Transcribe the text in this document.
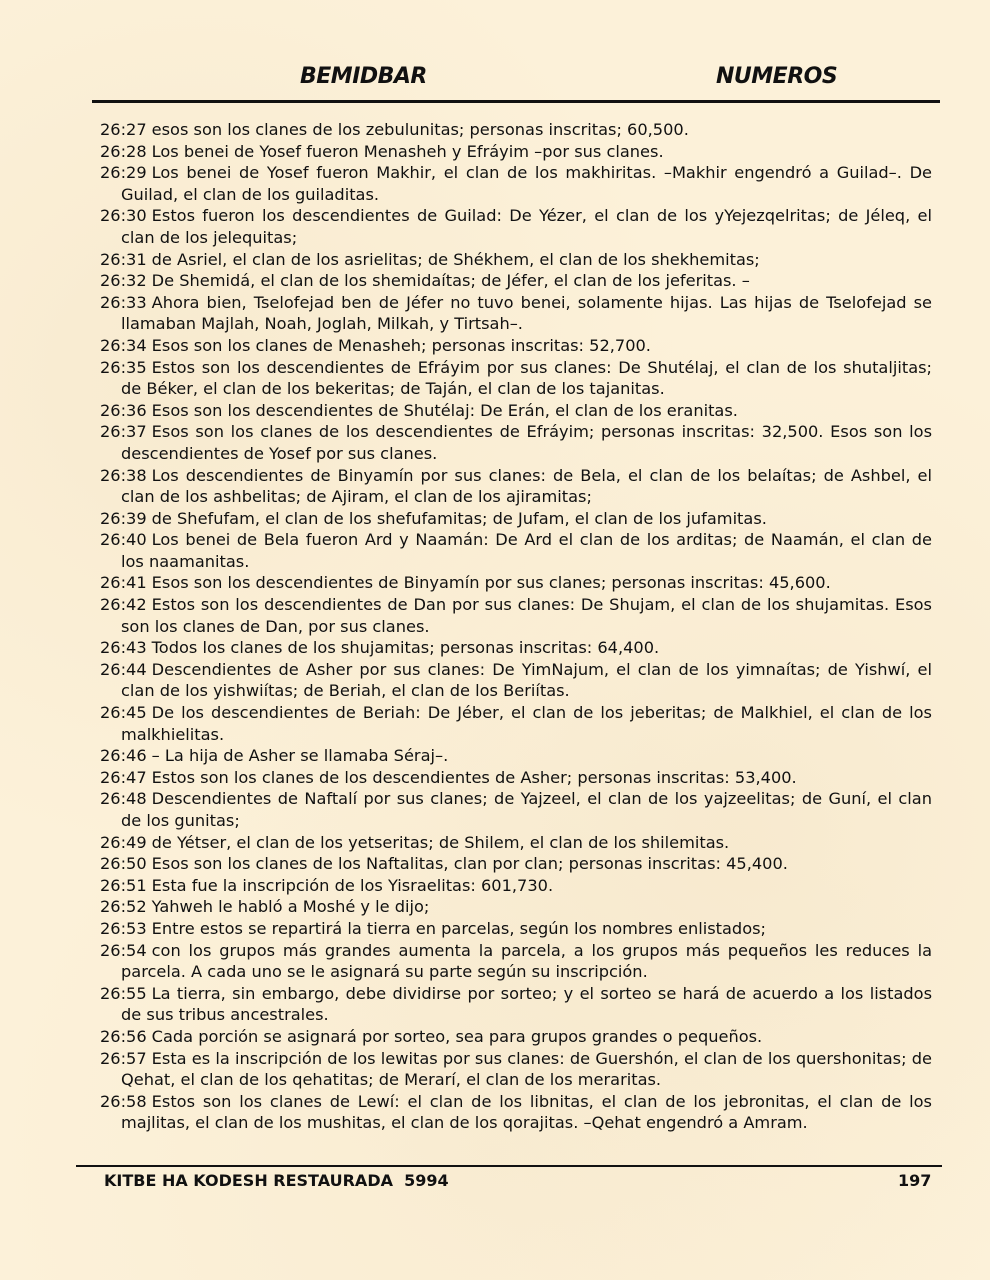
BEMIDBAR	NUMEROS
26:27 esos son los clanes de los zebulunitas; personas inscritas; 60,500.
26:28 Los benei de Yosef fueron Menasheh y Efráyim –por sus clanes.
26:29 Los benei de Yosef fueron Makhir, el clan de los makhiritas. –Makhir engendró a Guilad–. De Guilad, el clan de los guiladitas.
26:30 Estos fueron los descendientes de Guilad: De Yézer, el clan de los yYejezqelritas; de Jéleq, el clan de los jelequitas;
26:31 de Asriel, el clan de los asrielitas; de Shékhem, el clan de los shekhemitas;
26:32 De Shemidá, el clan de los shemidaítas; de Jéfer, el clan de los jeferitas. –
26:33 Ahora bien, Tselofejad ben de Jéfer no tuvo benei, solamente hijas. Las hijas de Tselofejad se llamaban Majlah, Noah, Joglah, Milkah, y Tirtsah–.
26:34 Esos son los clanes de Menasheh; personas inscritas: 52,700.
26:35 Estos son los descendientes de Efráyim por sus clanes: De Shutélaj, el clan de los shutaljitas; de Béker, el clan de los bekeritas; de Taján, el clan de los tajanitas.
26:36 Esos son los descendientes de Shutélaj: De Erán, el clan de los eranitas.
26:37 Esos son los clanes de los descendientes de Efráyim; personas inscritas: 32,500. Esos son los descendientes de Yosef por sus clanes.
26:38 Los descendientes de Binyamín por sus clanes: de Bela, el clan de los belaítas; de Ashbel, el clan de los ashbelitas; de Ajiram, el clan de los ajiramitas;
26:39 de Shefufam, el clan de los shefufamitas; de Jufam, el clan de los jufamitas.
26:40 Los benei de Bela fueron Ard y Naamán: De Ard el clan de los arditas; de Naamán, el clan de los naamanitas.
26:41 Esos son los descendientes de Binyamín por sus clanes; personas inscritas: 45,600.
26:42 Estos son los descendientes de Dan por sus clanes: De Shujam, el clan de los shujamitas. Esos son los clanes de Dan, por sus clanes.
26:43 Todos los clanes de los shujamitas; personas inscritas: 64,400.
26:44 Descendientes de Asher por sus clanes: De YimNajum, el clan de los yimnaítas; de Yishwí, el clan de los yishwiítas; de Beriah, el clan de los Beriítas.
26:45 De los descendientes de Beriah: De Jéber, el clan de los jeberitas; de Malkhiel, el clan de los malkhielitas.
26:46 – La hija de Asher se llamaba Séraj–.
26:47 Estos son los clanes de los descendientes de Asher; personas inscritas: 53,400.
26:48 Descendientes de Naftalí por sus clanes; de Yajzeel, el clan de los yajzeelitas; de Guní, el clan de los gunitas;
26:49 de Yétser, el clan de los yetseritas; de Shilem, el clan de los shilemitas.
26:50 Esos son los clanes de los Naftalitas, clan por clan; personas inscritas: 45,400.
26:51 Esta fue la inscripción de los Yisraelitas: 601,730.
26:52 Yahweh le habló a Moshé y le dijo;
26:53 Entre estos se repartirá la tierra en parcelas, según los nombres enlistados;
26:54 con los grupos más grandes aumenta la parcela, a los grupos más pequeños les reduces la parcela. A cada uno se le asignará su parte según su inscripción.
26:55 La tierra, sin embargo, debe dividirse por sorteo; y el sorteo se hará de acuerdo a los listados de sus tribus ancestrales.
26:56 Cada porción se asignará por sorteo, sea para grupos grandes o pequeños.
26:57 Esta es la inscripción de los lewitas por sus clanes: de Guershón, el clan de los quershonitas; de Qehat, el clan de los qehatitas; de Merarí, el clan de los meraritas.
26:58 Estos son los clanes de Lewí: el clan de los libnitas, el clan de los jebronitas, el clan de los majlitas, el clan de los mushitas, el clan de los qorajitas. –Qehat engendró a Amram.
KITBE HA KODESH RESTAURADA  5994	197
